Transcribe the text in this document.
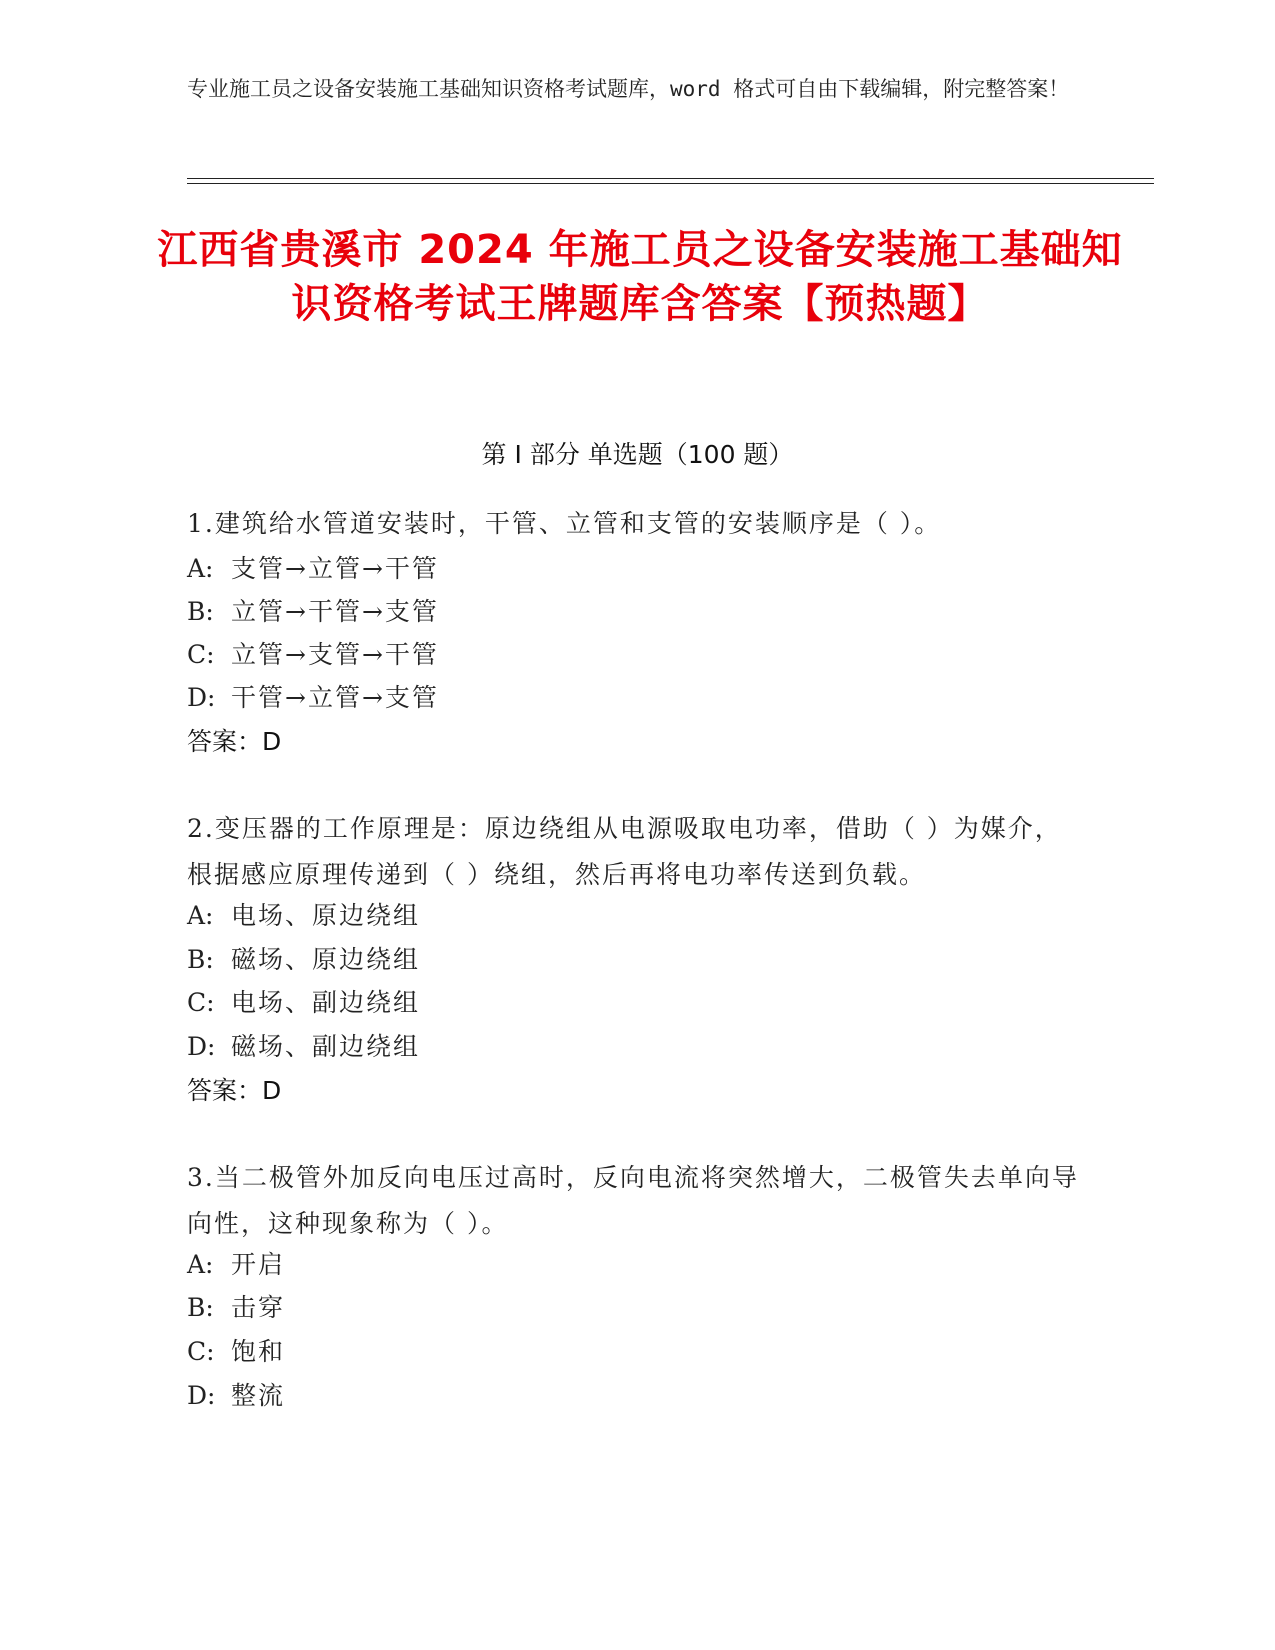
专业施工员之设备安装施工基础知识资格考试题库，word 格式可自由下载编辑，附完整答案！
江西省贵溪市 2024 年施工员之设备安装施工基础知识资格考试王牌题库含答案【预热题】
第 I 部分 单选题（100 题）
1.建筑给水管道安装时，干管、立管和支管的安装顺序是（ ）。
A: 支管→立管→干管
B: 立管→干管→支管
C: 立管→支管→干管
D: 干管→立管→支管
答案：D
2.变压器的工作原理是：原边绕组从电源吸取电功率，借助（ ）为媒介，根据感应原理传递到（ ）绕组，然后再将电功率传送到负载。
A: 电场、原边绕组
B: 磁场、原边绕组
C: 电场、副边绕组
D: 磁场、副边绕组
答案：D
3.当二极管外加反向电压过高时，反向电流将突然增大，二极管失去单向导向性，这种现象称为（ ）。
A: 开启
B: 击穿
C: 饱和
D: 整流
